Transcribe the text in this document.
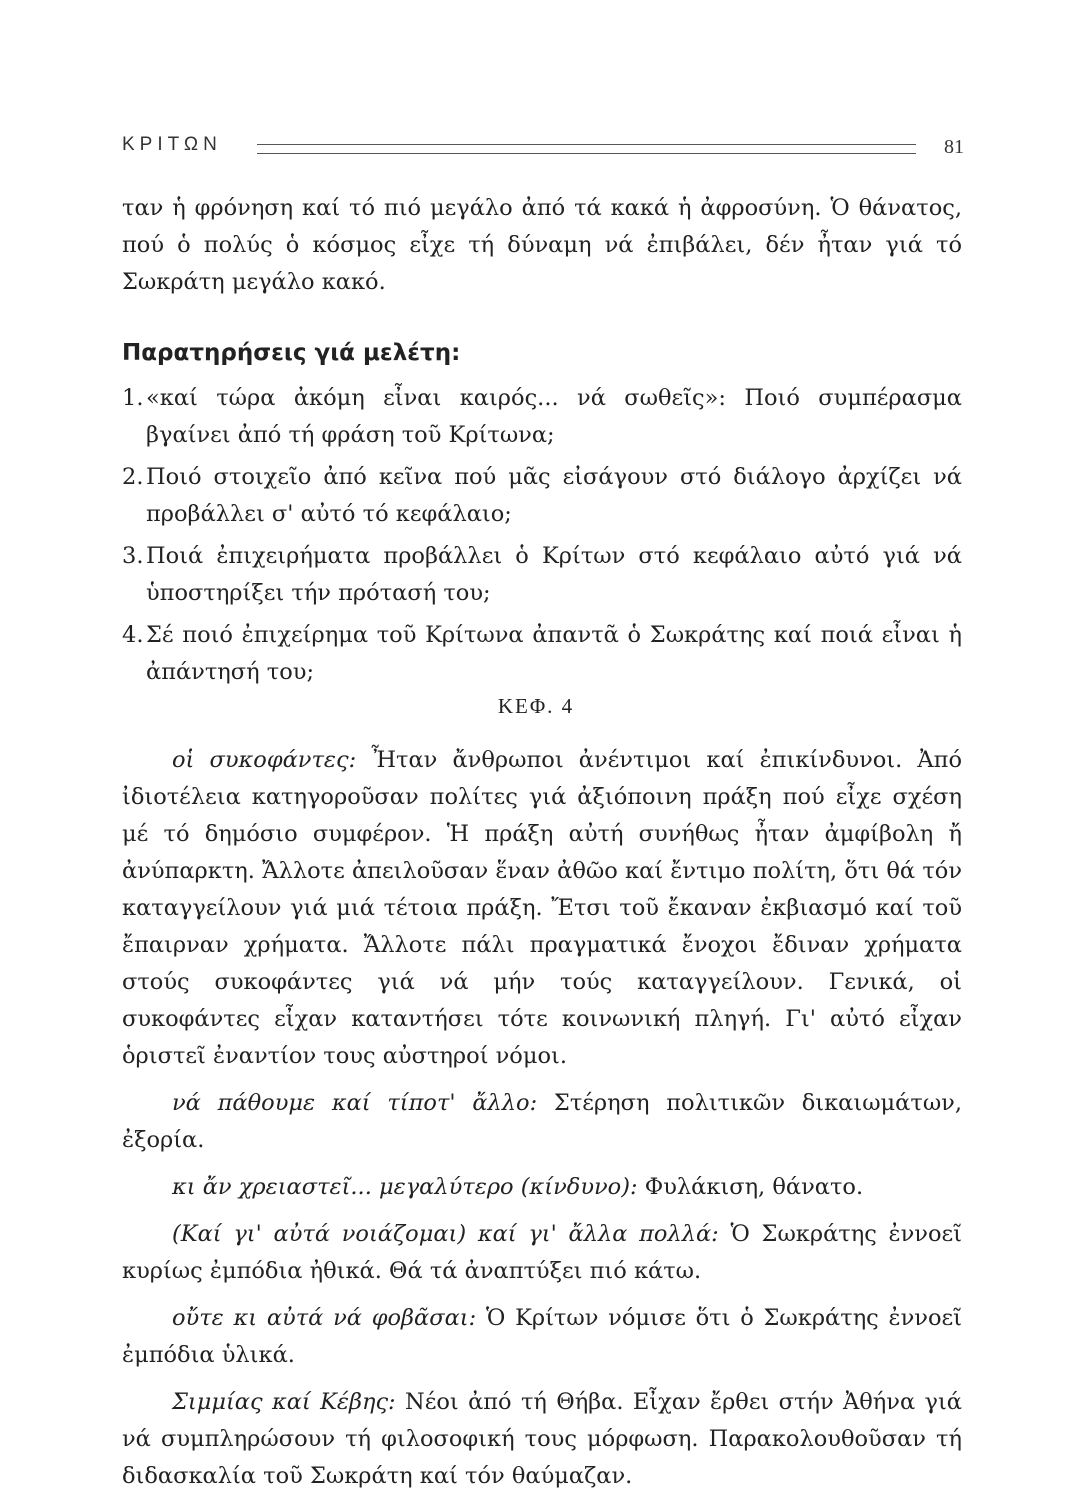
ΚΡΙΤΩΝ	81

ταν ἡ φρόνηση καί τό πιό μεγάλο ἀπό τά κακά ἡ ἀφροσύνη. Ὁ θάνατος, πού ὁ πολύς ὁ κόσμος εἶχε τή δύναμη νά ἐπιβάλει, δέν ἦταν γιά τό Σωκράτη μεγάλο κακό.

Παρατηρήσεις γιά μελέτη:
1. «καί τώρα ἀκόμη εἶναι καιρός... νά σωθεῖς»: Ποιό συμπέρασμα βγαίνει ἀπό τή φράση τοῦ Κρίτωνα;
2. Ποιό στοιχεῖο ἀπό κεῖνα πού μᾶς εἰσάγουν στό διάλογο ἀρχίζει νά προβάλλει σ' αὐτό τό κεφάλαιο;
3. Ποιά ἐπιχειρήματα προβάλλει ὁ Κρίτων στό κεφάλαιο αὐτό γιά νά ὑποστηρίξει τήν πρότασή του;
4. Σέ ποιό ἐπιχείρημα τοῦ Κρίτωνα ἀπαντᾶ ὁ Σωκράτης καί ποιά εἶναι ἡ ἀπάντησή του;
ΚΕΦ. 4

οἱ συκοφάντες: Ἦταν ἄνθρωποι ἀνέντιμοι καί ἐπικίνδυνοι. Ἀπό ἰδιοτέλεια κατηγοροῦσαν πολίτες γιά ἀξιόποινη πράξη πού εἶχε σχέση μέ τό δημόσιο συμφέρον. Ἡ πράξη αὐτή συνήθως ἦταν ἀμφίβολη ἤ ἀνύπαρκτη. Ἄλλοτε ἀπειλοῦσαν ἕναν ἀθῶο καί ἔντιμο πολίτη, ὅτι θά τόν καταγγείλουν γιά μιά τέτοια πράξη. Ἔτσι τοῦ ἔκαναν ἐκβιασμό καί τοῦ ἔπαιρναν χρήματα. Ἄλλοτε πάλι πραγματικά ἔνοχοι ἔδιναν χρήματα στούς συκοφάντες γιά νά μήν τούς καταγγείλουν. Γενικά, οἱ συκοφάντες εἶχαν καταντήσει τότε κοινωνική πληγή. Γι' αὐτό εἶχαν ὁριστεῖ ἐναντίον τους αὐστηροί νόμοι.

νά πάθουμε καί τίποτ' ἄλλο: Στέρηση πολιτικῶν δικαιωμάτων, ἐξορία.

κι ἄν χρειαστεῖ... μεγαλύτερο (κίνδυνο): Φυλάκιση, θάνατο.

(Καί γι' αὐτά νοιάζομαι) καί γι' ἄλλα πολλά: Ὁ Σωκράτης ἐννοεῖ κυρίως ἐμπόδια ἠθικά. Θά τά ἀναπτύξει πιό κάτω.

οὔτε κι αὐτά νά φοβᾶσαι: Ὁ Κρίτων νόμισε ὅτι ὁ Σωκράτης ἐννοεῖ ἐμπόδια ὑλικά.

Σιμμίας καί Κέβης: Νέοι ἀπό τή Θήβα. Εἶχαν ἔρθει στήν Ἀθήνα γιά νά συμπληρώσουν τή φιλοσοφική τους μόρφωση. Παρακολουθοῦσαν τή διδασκαλία τοῦ Σωκράτη καί τόν θαύμαζαν.
